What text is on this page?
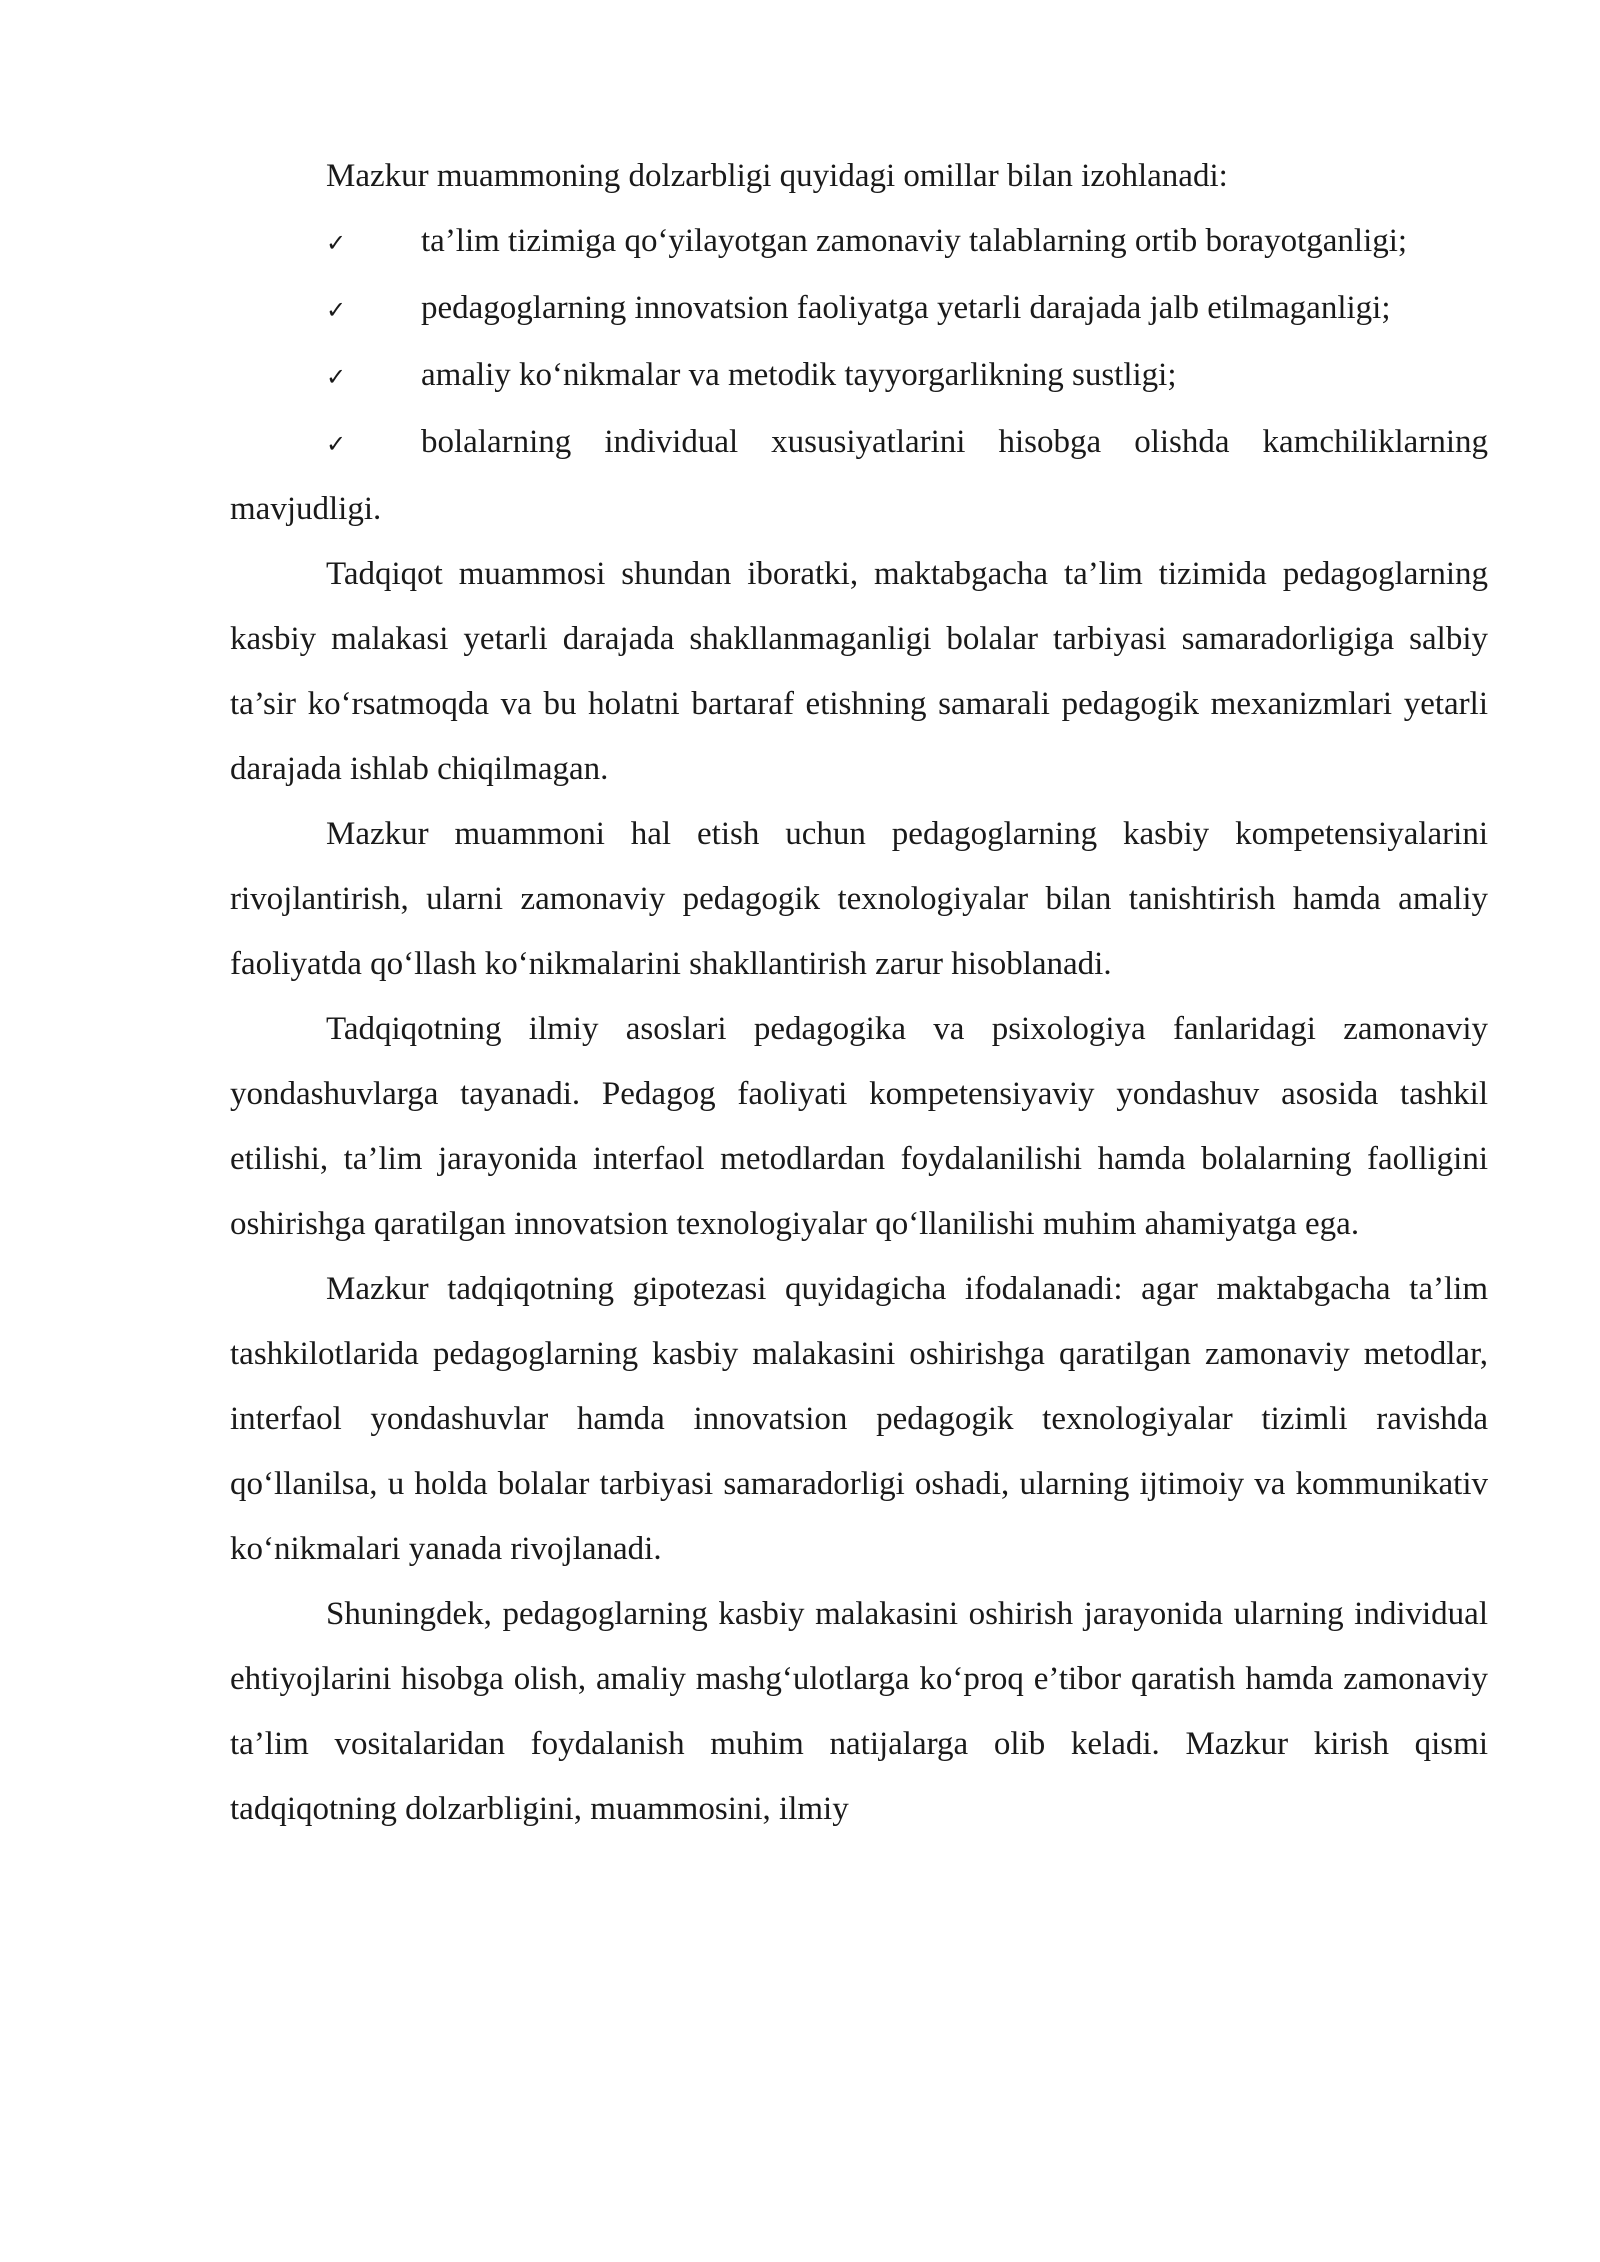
Mazkur muammoning dolzarbligi quyidagi omillar bilan izohlanadi:

✓ ta’lim tizimiga qo‘yilayotgan zamonaviy talablarning ortib borayotganligi;

✓ pedagoglarning innovatsion faoliyatga yetarli darajada jalb etilmaganligi;

✓ amaliy ko‘nikmalar va metodik tayyorgarlikning sustligi;

✓ bolalarning individual xususiyatlarini hisobga olishda kamchiliklarning mavjudligi.

Tadqiqot muammosi shundan iboratki, maktabgacha ta’lim tizimida pedagoglarning kasbiy malakasi yetarli darajada shakllanmaganligi bolalar tarbiyasi samaradorligiga salbiy ta’sir ko‘rsatmoqda va bu holatni bartaraf etishning samarali pedagogik mexanizmlari yetarli darajada ishlab chiqilmagan.

Mazkur muammoni hal etish uchun pedagoglarning kasbiy kompetensiyalarini rivojlantirish, ularni zamonaviy pedagogik texnologiyalar bilan tanishtirish hamda amaliy faoliyatda qo‘llash ko‘nikmalarini shakllantirish zarur hisoblanadi.

Tadqiqotning ilmiy asoslari pedagogika va psixologiya fanlaridagi zamonaviy yondashuvlarga tayanadi. Pedagog faoliyati kompetensiyaviy yondashuv asosida tashkil etilishi, ta’lim jarayonida interfaol metodlardan foydalanilishi hamda bolalarning faolligini oshirishga qaratilgan innovatsion texnologiyalar qo‘llanilishi muhim ahamiyatga ega.

Mazkur tadqiqotning gipotezasi quyidagicha ifodalanadi: agar maktabgacha ta’lim tashkilotlarida pedagoglarning kasbiy malakasini oshirishga qaratilgan zamonaviy metodlar, interfaol yondashuvlar hamda innovatsion pedagogik texnologiyalar tizimli ravishda qo‘llanilsa, u holda bolalar tarbiyasi samaradorligi oshadi, ularning ijtimoiy va kommunikativ ko‘nikmalari yanada rivojlanadi.

Shuningdek, pedagoglarning kasbiy malakasini oshirish jarayonida ularning individual ehtiyojlarini hisobga olish, amaliy mashg‘ulotlarga ko‘proq e’tibor qaratish hamda zamonaviy ta’lim vositalaridan foydalanish muhim natijalarga olib keladi. Mazkur kirish qismi tadqiqotning dolzarbligini, muammosini, ilmiy
